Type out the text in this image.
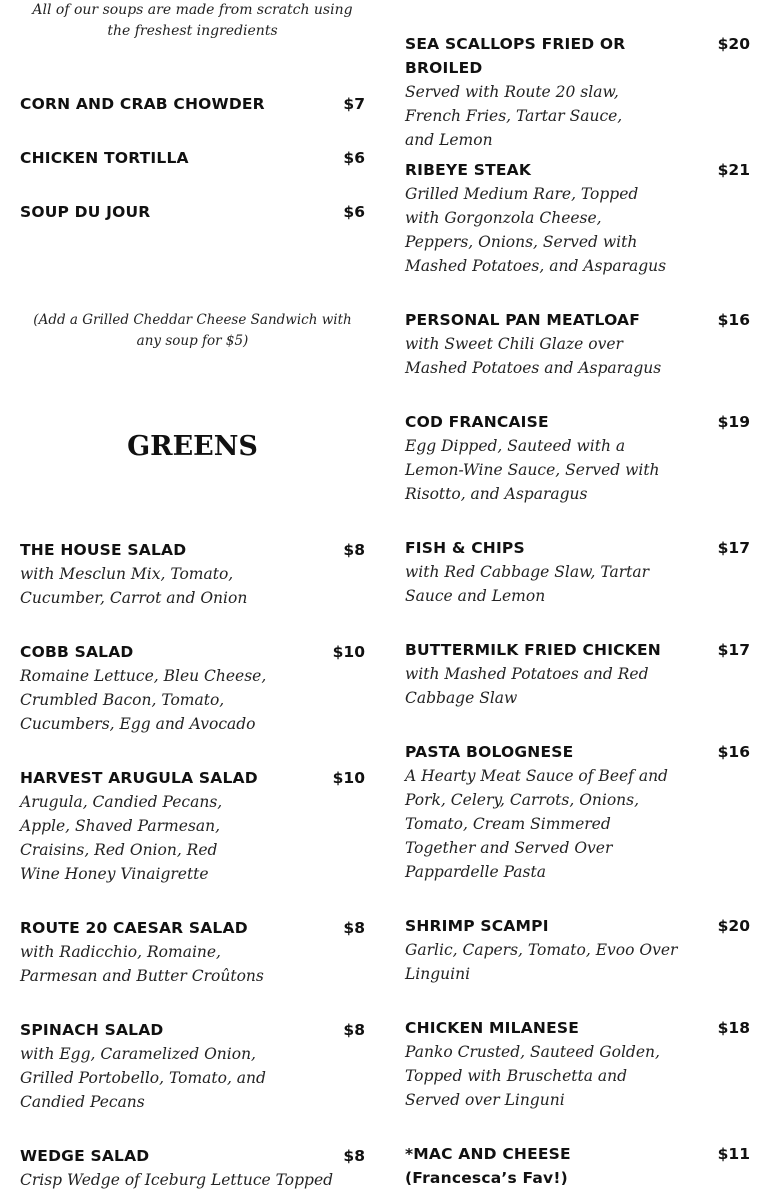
All of our soups are made from scratch using the freshest ingredients
CORN AND CRAB CHOWDER	$7
CHICKEN TORTILLA	$6
SOUP DU JOUR	$6
(Add a Grilled Cheddar Cheese Sandwich with any soup for $5)
GREENS
THE HOUSE SALAD	$8
with Mesclun Mix, Tomato, Cucumber, Carrot and Onion
COBB SALAD	$10
Romaine Lettuce, Bleu Cheese, Crumbled Bacon, Tomato, Cucumbers, Egg and Avocado
HARVEST ARUGULA SALAD	$10
Arugula, Candied Pecans, Apple, Shaved Parmesan, Craisins, Red Onion, Red Wine Honey Vinaigrette
ROUTE 20 CAESAR SALAD	$8
with Radicchio, Romaine, Parmesan and Butter Croûtons
SPINACH SALAD	$8
with Egg, Caramelized Onion, Grilled Portobello, Tomato, and Candied Pecans
WEDGE SALAD	$8
Crisp Wedge of Iceburg Lettuce Topped
SEA SCALLOPS FRIED OR BROILED
$20
Served with Route 20 slaw, French Fries, Tartar Sauce, and Lemon
RIBEYE STEAK	$21
Grilled Medium Rare, Topped with Gorgonzola Cheese, Peppers, Onions, Served with Mashed Potatoes, and Asparagus
PERSONAL PAN MEATLOAF	$16
with Sweet Chili Glaze over Mashed Potatoes and Asparagus
COD FRANCAISE	$19
Egg Dipped, Sauteed with a Lemon-Wine Sauce, Served with Risotto, and Asparagus
FISH & CHIPS	$17
with Red Cabbage Slaw, Tartar Sauce and Lemon
BUTTERMILK FRIED CHICKEN	$17
with Mashed Potatoes and Red Cabbage Slaw
PASTA BOLOGNESE	$16
A Hearty Meat Sauce of Beef and Pork, Celery, Carrots, Onions, Tomato, Cream Simmered Together and Served Over Pappardelle Pasta
SHRIMP SCAMPI	$20
Garlic, Capers, Tomato, Evoo Over Linguini
CHICKEN MILANESE	$18
Panko Crusted, Sauteed Golden, Topped with Bruschetta and Served over Linguni
*MAC AND CHEESE (Francesca’s Fav!)
$11
